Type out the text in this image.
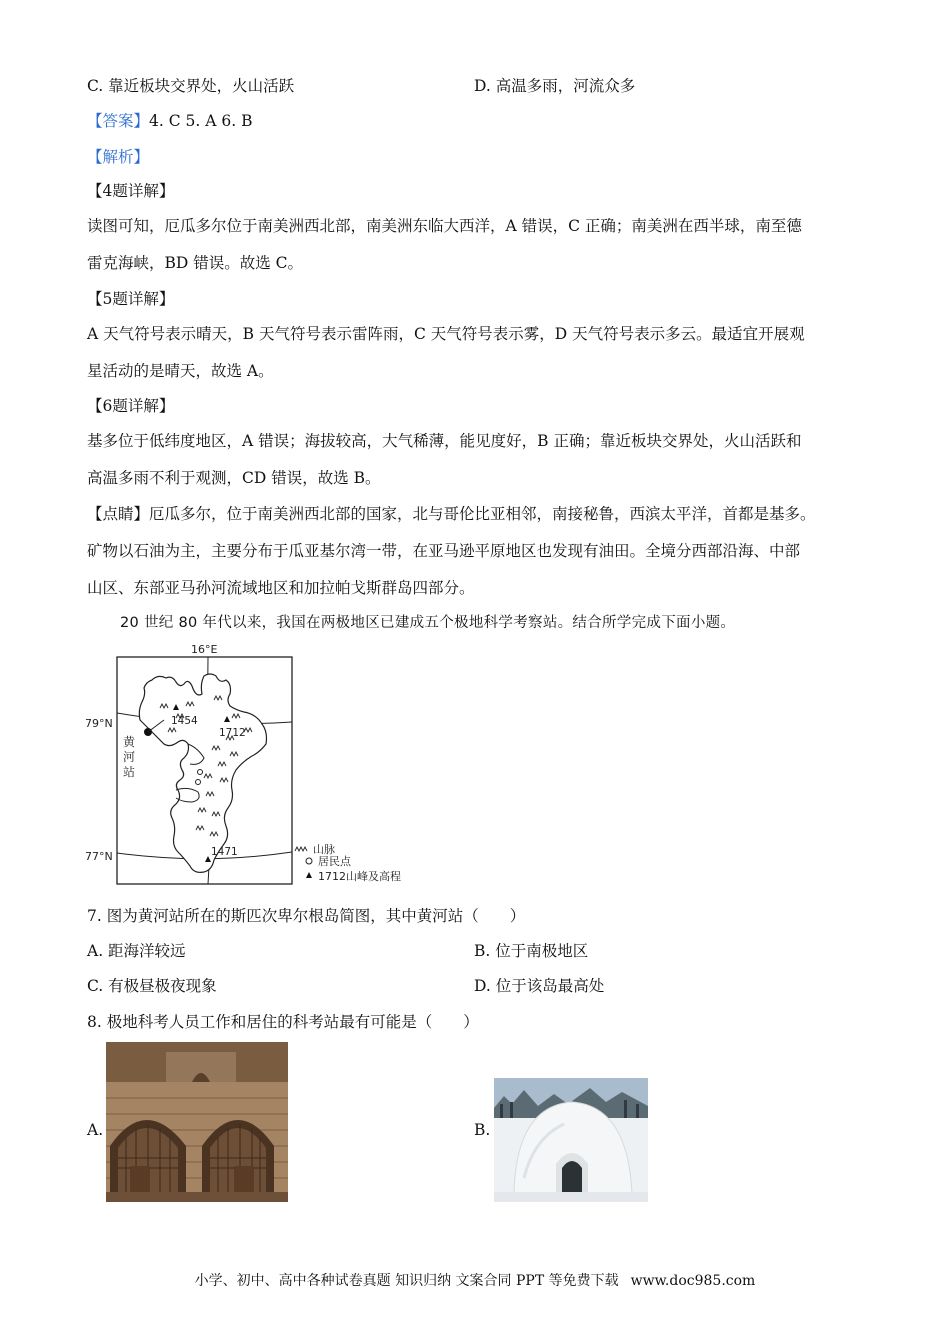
C. 靠近板块交界处，火山活跃	D. 高温多雨，河流众多
【答案】4. C 5. A 6. B
【解析】
【4题详解】
读图可知，厄瓜多尔位于南美洲西北部，南美洲东临大西洋，A 错误，C 正确；南美洲在西半球，南至德
雷克海峡，BD 错误。故选 C。
【5题详解】
A 天气符号表示晴天，B 天气符号表示雷阵雨，C 天气符号表示雾，D 天气符号表示多云。最适宜开展观
星活动的是晴天，故选 A。
【6题详解】
基多位于低纬度地区，A 错误；海拔较高，大气稀薄，能见度好，B 正确；靠近板块交界处，火山活跃和
高温多雨不利于观测，CD 错误，故选 B。
【点睛】厄瓜多尔，位于南美洲西北部的国家，北与哥伦比亚相邻，南接秘鲁，西滨太平洋，首都是基多。
矿物以石油为主，主要分布于瓜亚基尔湾一带，在亚马逊平原地区也发现有油田。全境分西部沿海、中部
山区、东部亚马孙河流域地区和加拉帕戈斯群岛四部分。
20 世纪 80 年代以来，我国在两极地区已建成五个极地科学考察站。结合所学完成下面小题。
16°E
79°N
77°N
1454
1712
1471
黄 河 站
山脉
居民点
1712山峰及高程
7. 图为黄河站所在的斯匹次卑尔根岛简图，其中黄河站（　　）
A. 距海洋较远	B. 位于南极地区
C. 有极昼极夜现象	D. 位于该岛最高处
8. 极地科考人员工作和居住的科考站最有可能是（　　）
A.	B.
小学、初中、高中各种试卷真题 知识归纳 文案合同 PPT 等免费下载 www.doc985.com
